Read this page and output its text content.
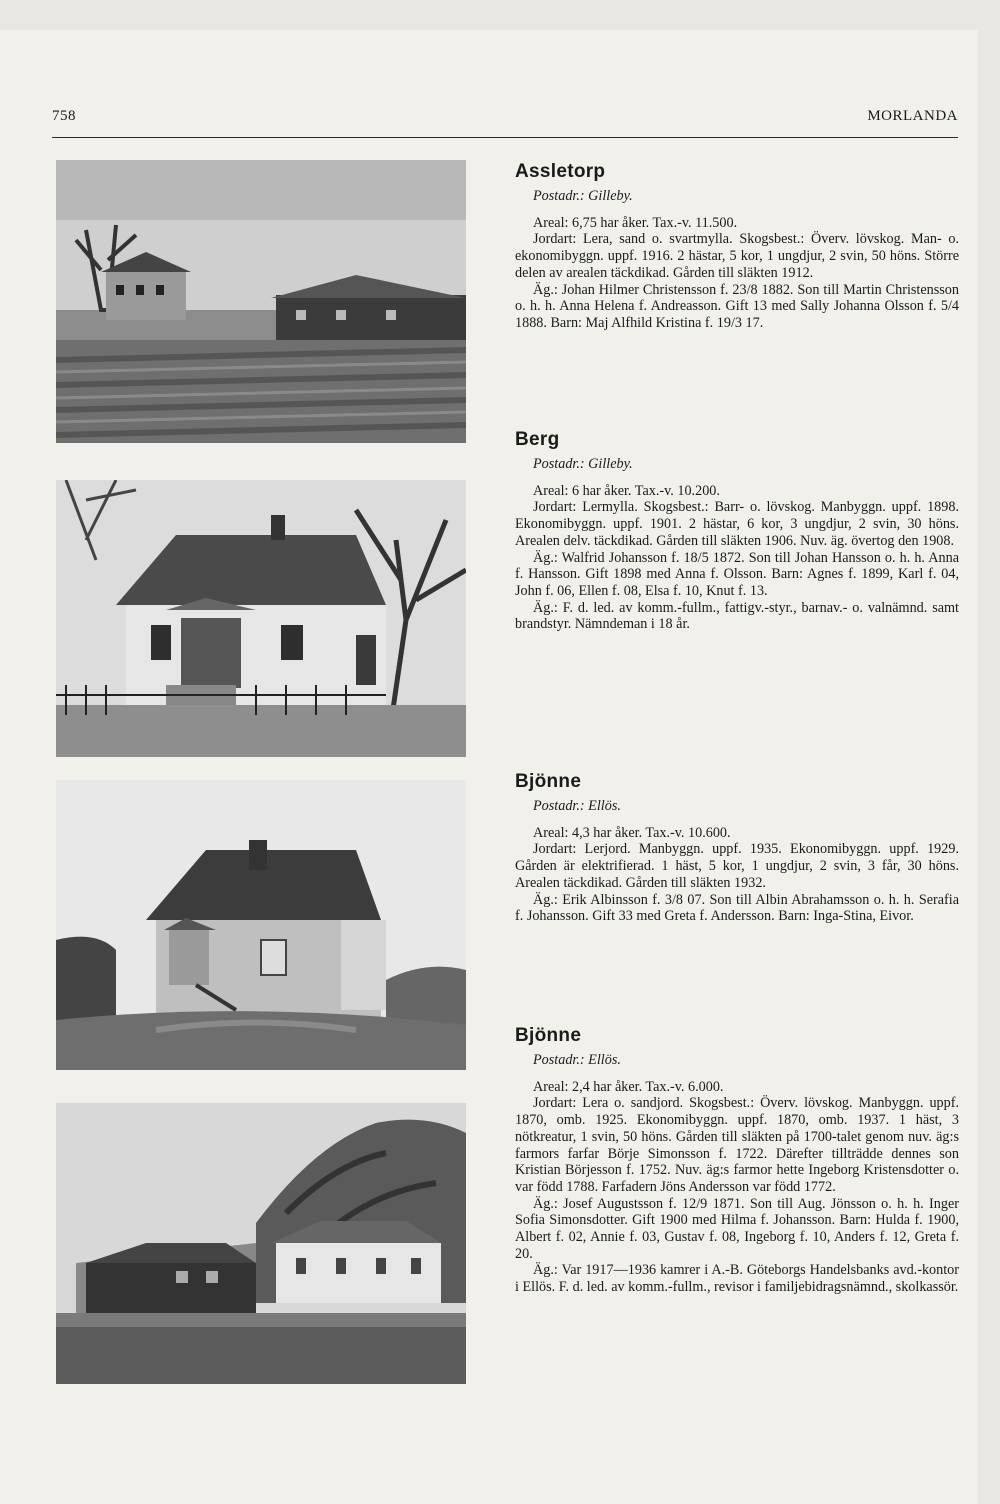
758	MORLANDA
Assletorp
Postadr.: Gilleby.

Areal: 6,75 har åker. Tax.-v. 11.500.

Jordart: Lera, sand o. svartmylla. Skogsbest.: Överv. lövskog. Man- o. ekonomibyggn. uppf. 1916. 2 hästar, 5 kor, 1 ungdjur, 2 svin, 50 höns. Större delen av arealen täckdikad. Gården till släkten 1912.

Äg.: Johan Hilmer Christensson f. 23/8 1882. Son till Martin Christensson o. h. h. Anna Helena f. Andreasson. Gift 13 med Sally Johanna Olsson f. 5/4 1888. Barn: Maj Alfhild Kristina f. 19/3 17.

Berg
Postadr.: Gilleby.

Areal: 6 har åker. Tax.-v. 10.200.

Jordart: Lermylla. Skogsbest.: Barr- o. lövskog. Manbyggn. uppf. 1898. Ekonomibyggn. uppf. 1901. 2 hästar, 6 kor, 3 ungdjur, 2 svin, 30 höns. Arealen delv. täckdikad. Gården till släkten 1906. Nuv. äg. övertog den 1908.

Äg.: Walfrid Johansson f. 18/5 1872. Son till Johan Hansson o. h. h. Anna f. Hansson. Gift 1898 med Anna f. Olsson. Barn: Agnes f. 1899, Karl f. 04, John f. 06, Ellen f. 08, Elsa f. 10, Knut f. 13.

Äg.: F. d. led. av komm.-fullm., fattigv.-styr., barnav.- o. valnämnd. samt brandstyr. Nämndeman i 18 år.

Bjönne
Postadr.: Ellös.

Areal: 4,3 har åker. Tax.-v. 10.600.

Jordart: Lerjord. Manbyggn. uppf. 1935. Ekonomibyggn. uppf. 1929. Gården är elektrifierad. 1 häst, 5 kor, 1 ungdjur, 2 svin, 3 får, 30 höns. Arealen täckdikad. Gården till släkten 1932.

Äg.: Erik Albinsson f. 3/8 07. Son till Albin Abrahamsson o. h. h. Serafia f. Johansson. Gift 33 med Greta f. Andersson. Barn: Inga-Stina, Eivor.

Bjönne
Postadr.: Ellös.

Areal: 2,4 har åker. Tax.-v. 6.000.

Jordart: Lera o. sandjord. Skogsbest.: Överv. lövskog. Manbyggn. uppf. 1870, omb. 1925. Ekonomibyggn. uppf. 1870, omb. 1937. 1 häst, 3 nötkreatur, 1 svin, 50 höns. Gården till släkten på 1700-talet genom nuv. äg:s farmors farfar Börje Simonsson f. 1722. Därefter tillträdde dennes son Kristian Börjesson f. 1752. Nuv. äg:s farmor hette Ingeborg Kristensdotter o. var född 1788. Farfadern Jöns Andersson var född 1772.

Äg.: Josef Augustsson f. 12/9 1871. Son till Aug. Jönsson o. h. h. Inger Sofia Simonsdotter. Gift 1900 med Hilma f. Johansson. Barn: Hulda f. 1900, Albert f. 02, Annie f. 03, Gustav f. 08, Ingeborg f. 10, Anders f. 12, Greta f. 20.

Äg.: Var 1917—1936 kamrer i A.-B. Göteborgs Handelsbanks avd.-kontor i Ellös. F. d. led. av komm.-fullm., revisor i familjebidragsnämnd., skolkassör.
